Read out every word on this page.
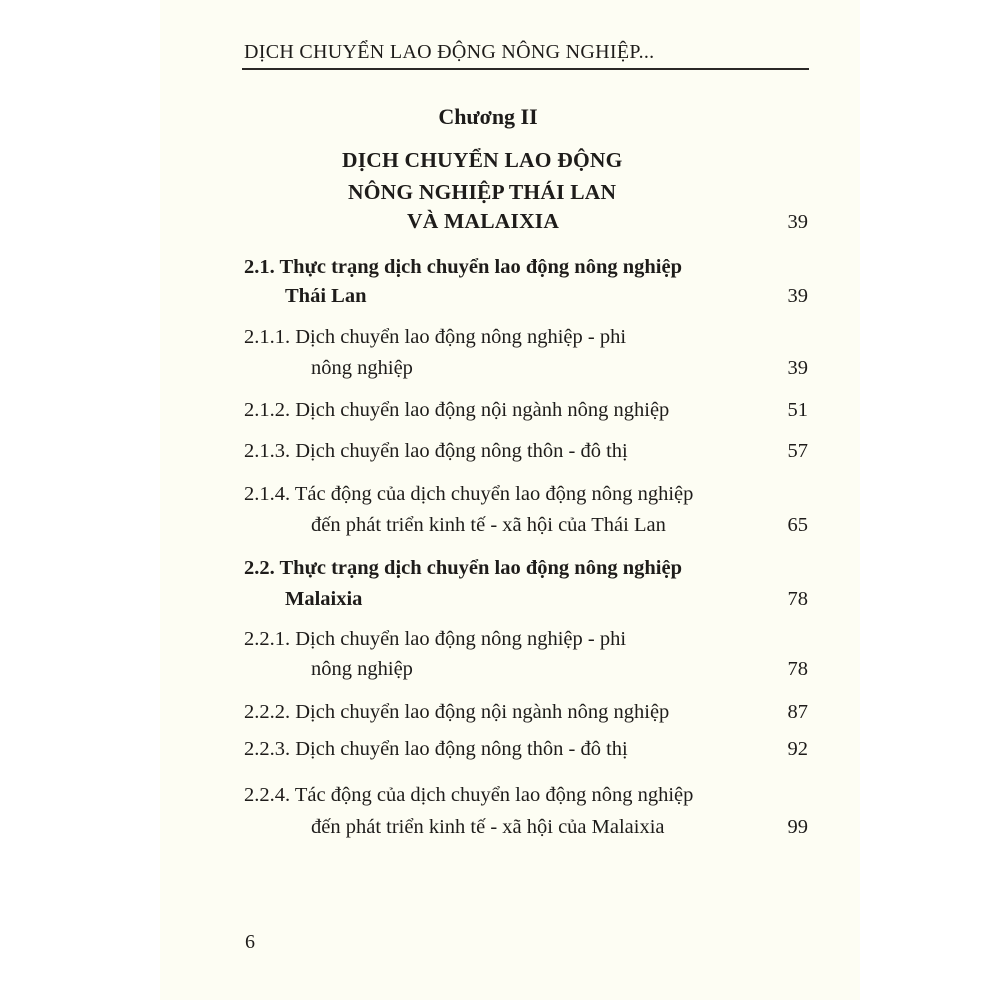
DỊCH CHUYỂN LAO ĐỘNG NÔNG NGHIỆP...
Chương II
DỊCH CHUYỂN LAO ĐỘNG
NÔNG NGHIỆP THÁI LAN
VÀ MALAIXIA	39
2.1. Thực trạng dịch chuyển lao động nông nghiệp
Thái Lan	39
2.1.1. Dịch chuyển lao động nông nghiệp - phi
nông nghiệp	39
2.1.2. Dịch chuyển lao động nội ngành nông nghiệp	51
2.1.3. Dịch chuyển lao động nông thôn - đô thị	57
2.1.4. Tác động của dịch chuyển lao động nông nghiệp
đến phát triển kinh tế - xã hội của Thái Lan	65
2.2. Thực trạng dịch chuyển lao động nông nghiệp
Malaixia	78
2.2.1. Dịch chuyển lao động nông nghiệp - phi
nông nghiệp	78
2.2.2. Dịch chuyển lao động nội ngành nông nghiệp	87
2.2.3. Dịch chuyển lao động nông thôn - đô thị	92
2.2.4. Tác động của dịch chuyển lao động nông nghiệp
đến phát triển kinh tế - xã hội của Malaixia	99
6
